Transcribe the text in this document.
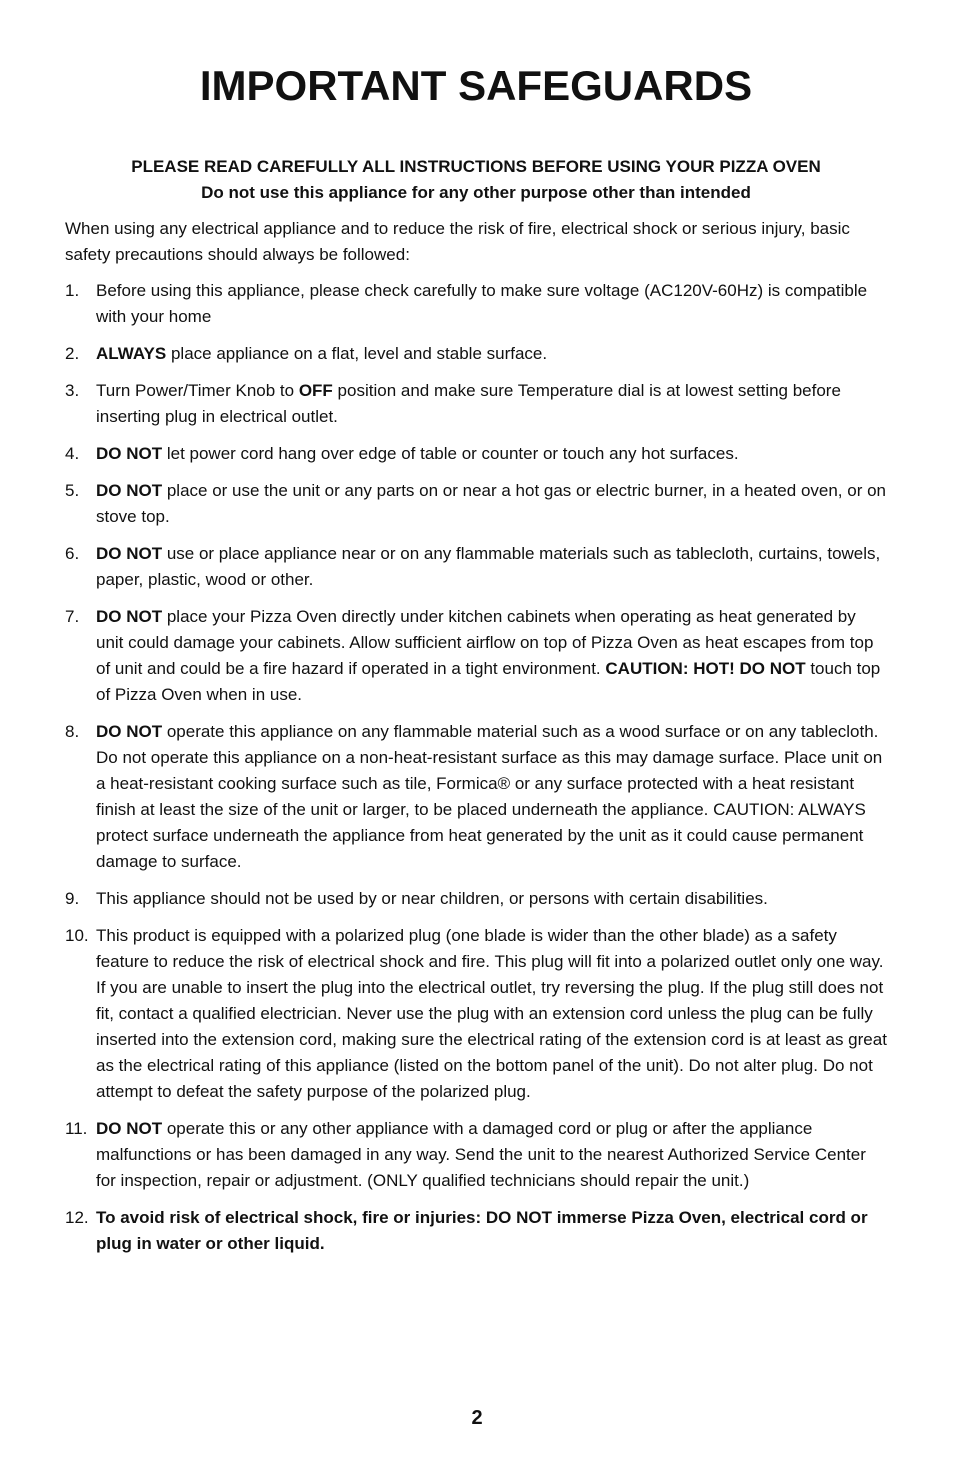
IMPORTANT SAFEGUARDS
PLEASE READ CAREFULLY ALL INSTRUCTIONS BEFORE USING YOUR PIZZA OVEN
Do not use this appliance for any other purpose other than intended

When using any electrical appliance and to reduce the risk of fire, electrical shock or serious injury, basic safety precautions should always be followed:

1. Before using this appliance, please check carefully to make sure voltage (AC120V-60Hz) is compatible with your home
2. ALWAYS place appliance on a flat, level and stable surface.
3. Turn Power/Timer Knob to OFF position and make sure Temperature dial is at lowest setting before inserting plug in electrical outlet.
4. DO NOT let power cord hang over edge of table or counter or touch any hot surfaces.
5. DO NOT place or use the unit or any parts on or near a hot gas or electric burner, in a heated oven, or on stove top.
6. DO NOT use or place appliance near or on any flammable materials such as tablecloth, curtains, towels, paper, plastic, wood or other.
7. DO NOT place your Pizza Oven directly under kitchen cabinets when operating as heat generated by unit could damage your cabinets. Allow sufficient airflow on top of Pizza Oven as heat escapes from top of unit and could be a fire hazard if operated in a tight environment. CAUTION: HOT! DO NOT touch top of Pizza Oven when in use.
8. DO NOT operate this appliance on any flammable material such as a wood surface or on any tablecloth. Do not operate this appliance on a non-heat-resistant surface as this may damage surface. Place unit on a heat-resistant cooking surface such as tile, Formica® or any surface protected with a heat resistant finish at least the size of the unit or larger, to be placed underneath the appliance. CAUTION: ALWAYS protect surface underneath the appliance from heat generated by the unit as it could cause permanent damage to surface.
9. This appliance should not be used by or near children, or persons with certain disabilities.
10. This product is equipped with a polarized plug (one blade is wider than the other blade) as a safety feature to reduce the risk of electrical shock and fire. This plug will fit into a polarized outlet only one way. If you are unable to insert the plug into the electrical outlet, try reversing the plug. If the plug still does not fit, contact a qualified electrician. Never use the plug with an extension cord unless the plug can be fully inserted into the extension cord, making sure the electrical rating of the extension cord is at least as great as the electrical rating of this appliance (listed on the bottom panel of the unit). Do not alter plug. Do not attempt to defeat the safety purpose of the polarized plug.
11. DO NOT operate this or any other appliance with a damaged cord or plug or after the appliance malfunctions or has been damaged in any way. Send the unit to the nearest Authorized Service Center for inspection, repair or adjustment. (ONLY qualified technicians should repair the unit.)
12. To avoid risk of electrical shock, fire or injuries: DO NOT immerse Pizza Oven, electrical cord or plug in water or other liquid.
2
